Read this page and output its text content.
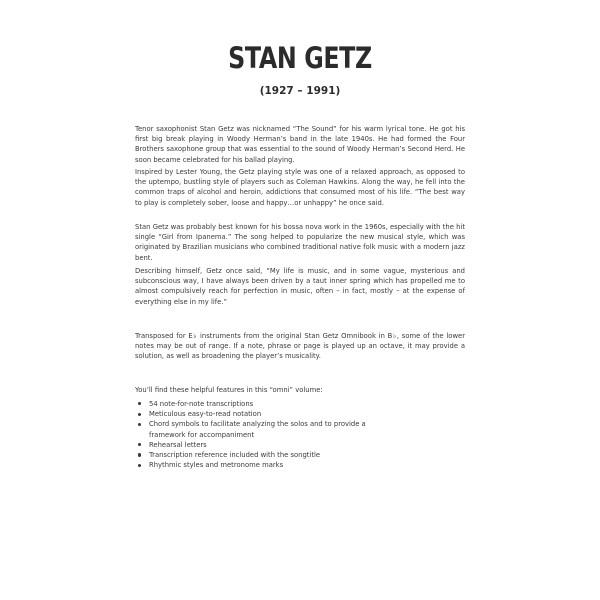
STAN GETZ
(1927 – 1991)

Tenor saxophonist Stan Getz was nicknamed “The Sound” for his warm lyrical tone. He got his first big break playing in Woody Herman’s band in the late 1940s. He had formed the Four Brothers saxophone group that was essential to the sound of Woody Herman’s Second Herd. He soon became celebrated for his ballad playing.

Inspired by Lester Young, the Getz playing style was one of a relaxed approach, as opposed to the uptempo, bustling style of players such as Coleman Hawkins. Along the way, he fell into the common traps of alcohol and heroin, addictions that consumed most of his life. “The best way to play is completely sober, loose and happy…or unhappy” he once said.

Stan Getz was probably best known for his bossa nova work in the 1960s, especially with the hit single “Girl from Ipanema.” The song helped to popularize the new musical style, which was originated by Brazilian musicians who combined traditional native folk music with a modern jazz bent.

Describing himself, Getz once said, “My life is music, and in some vague, mysterious and subconscious way, I have always been driven by a taut inner spring which has propelled me to almost compulsively reach for perfection in music, often – in fact, mostly – at the expense of everything else in my life.”

Transposed for E♭ instruments from the original Stan Getz Omnibook in B♭, some of the lower notes may be out of range. If a note, phrase or page is played up an octave, it may provide a solution, as well as broadening the player’s musicality.

You’ll find these helpful features in this “omni” volume:

54 note-for-note transcriptions
Meticulous easy-to-read notation
Chord symbols to facilitate analyzing the solos and to provide a framework for accompaniment
Rehearsal letters
Transcription reference included with the songtitle
Rhythmic styles and metronome marks
